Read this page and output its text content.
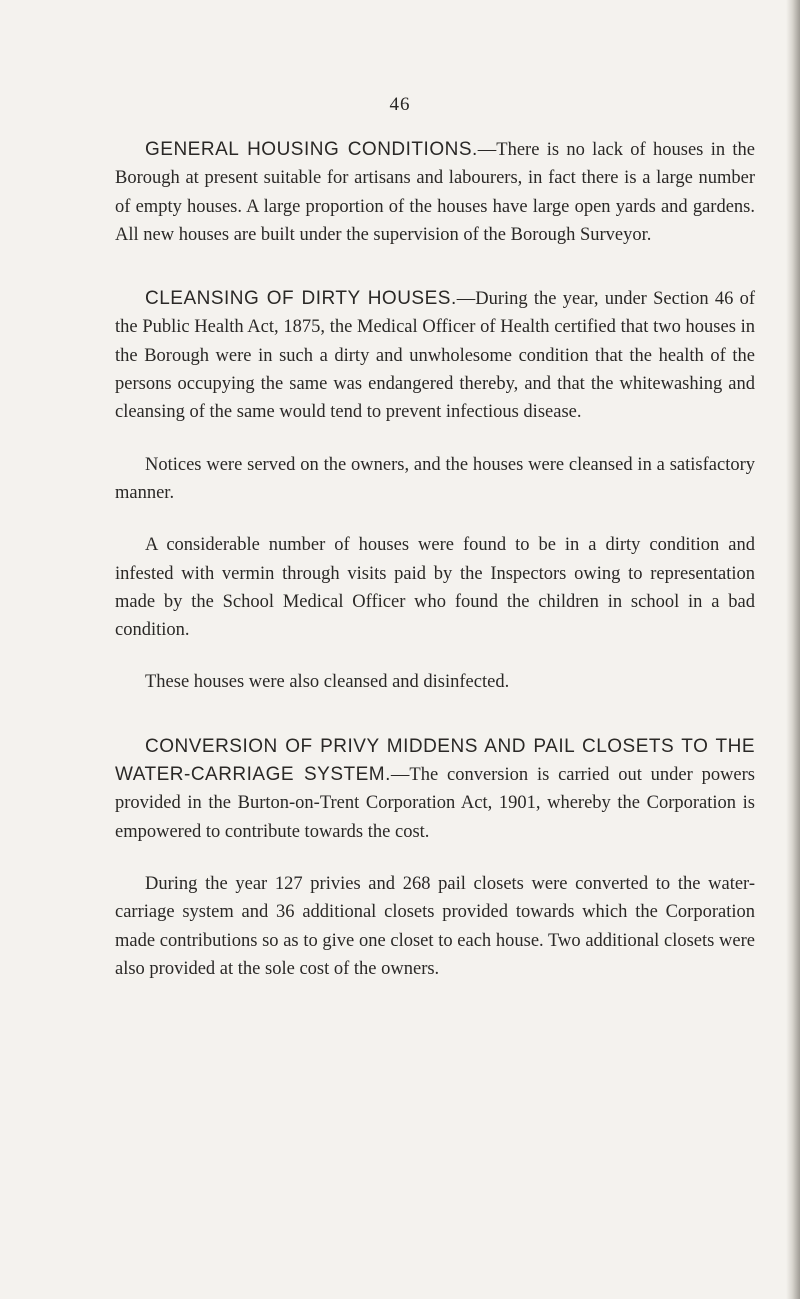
46

GENERAL HOUSING CONDITIONS.—There is no lack of houses in the Borough at present suitable for artisans and labourers, in fact there is a large number of empty houses. A large proportion of the houses have large open yards and gardens. All new houses are built under the supervision of the Borough Surveyor.

CLEANSING OF DIRTY HOUSES.—During the year, under Section 46 of the Public Health Act, 1875, the Medical Officer of Health certified that two houses in the Borough were in such a dirty and unwholesome condition that the health of the persons occupying the same was endangered thereby, and that the whitewashing and cleansing of the same would tend to prevent infectious disease.

Notices were served on the owners, and the houses were cleansed in a satisfactory manner.

A considerable number of houses were found to be in a dirty condition and infested with vermin through visits paid by the Inspectors owing to representation made by the School Medical Officer who found the children in school in a bad condition.

These houses were also cleansed and disinfected.

CONVERSION OF PRIVY MIDDENS AND PAIL CLOSETS TO THE WATER-CARRIAGE SYSTEM.—The conversion is carried out under powers provided in the Burton-on-Trent Corporation Act, 1901, whereby the Corporation is empowered to contribute towards the cost.

During the year 127 privies and 268 pail closets were converted to the water-carriage system and 36 additional closets provided towards which the Corporation made contributions so as to give one closet to each house. Two additional closets were also provided at the sole cost of the owners.
